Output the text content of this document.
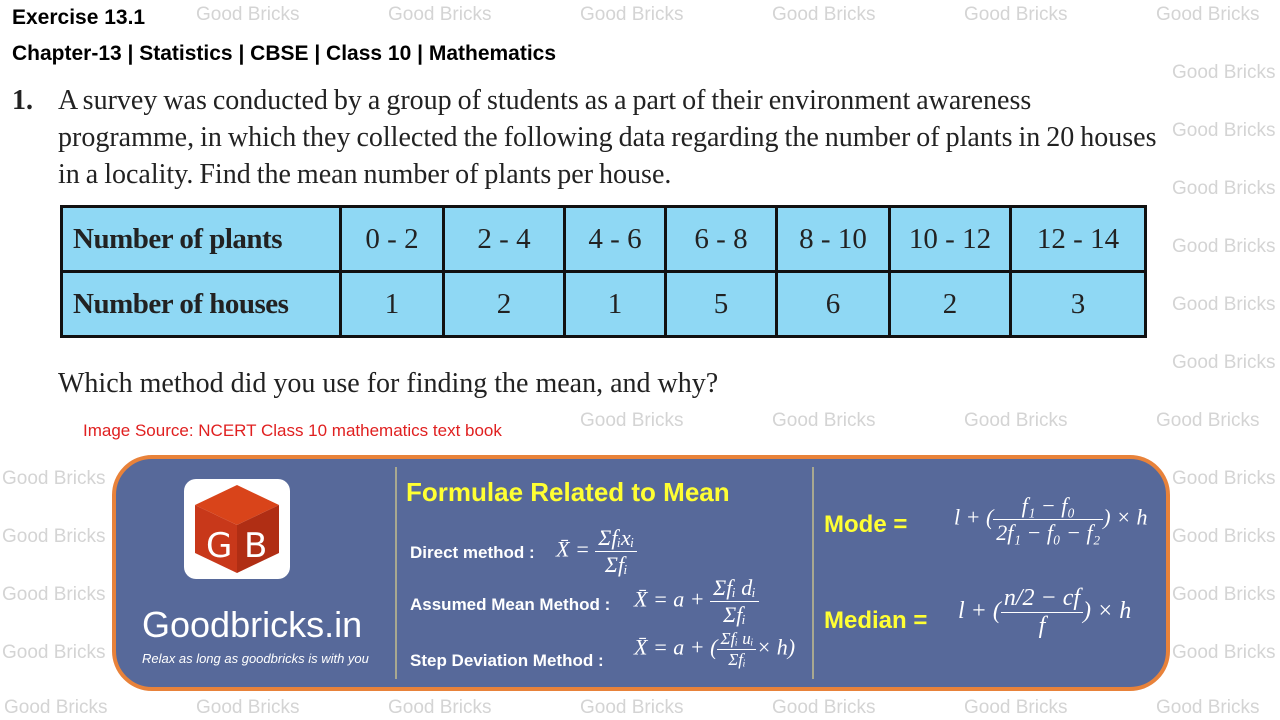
Good Bricks	Good Bricks	Good Bricks	Good Bricks	Good Bricks	Good Bricks
Good Bricks
Good Bricks
Good Bricks
Good Bricks
Good Bricks
Good Bricks
Good Bricks	Good Bricks	Good Bricks	Good Bricks
Good Bricks	Good Bricks
Good Bricks	Good Bricks
Good Bricks	Good Bricks
Good Bricks	Good Bricks
Good Bricks	Good Bricks	Good Bricks	Good Bricks	Good Bricks	Good Bricks	Good Bricks
Exercise 13.1
Chapter-13 | Statistics | CBSE | Class 10 | Mathematics
1. A survey was conducted by a group of students as a part of their environment awareness programme, in which they collected the following data regarding the number of plants in 20 houses in a locality. Find the mean number of plants per house.
Number of plants	0 - 2	2 - 4	4 - 6	6 - 8	8 - 10	10 - 12	12 - 14
Number of houses	1	2	1	5	6	2	3
Which method did you use for finding the mean, and why?
Image Source: NCERT Class 10 mathematics text book
G B
Goodbricks.in
Relax as long as goodbricks is with you
Formulae Related to Mean
Direct method : X̄ = $\frac{\text{Σfᵢxᵢ}}{\text{Σfᵢ}}$
Assumed Mean Method : X̄ = $a + \frac{\text{Σfᵢ dᵢ}}{\text{Σfᵢ}}$
Step Deviation Method :
X̄ = a + ( $\frac{\text{Σfᵢ uᵢ}}{\text{Σfᵢ}} \times h$)
Mode = l + ( $\frac{\text{f₁ − f₀}}{\text{2f₁ − f₀ − f₂}}$ ) × h
Median = l + ( $\frac{n/2 - cf}{f}$ ) × h
